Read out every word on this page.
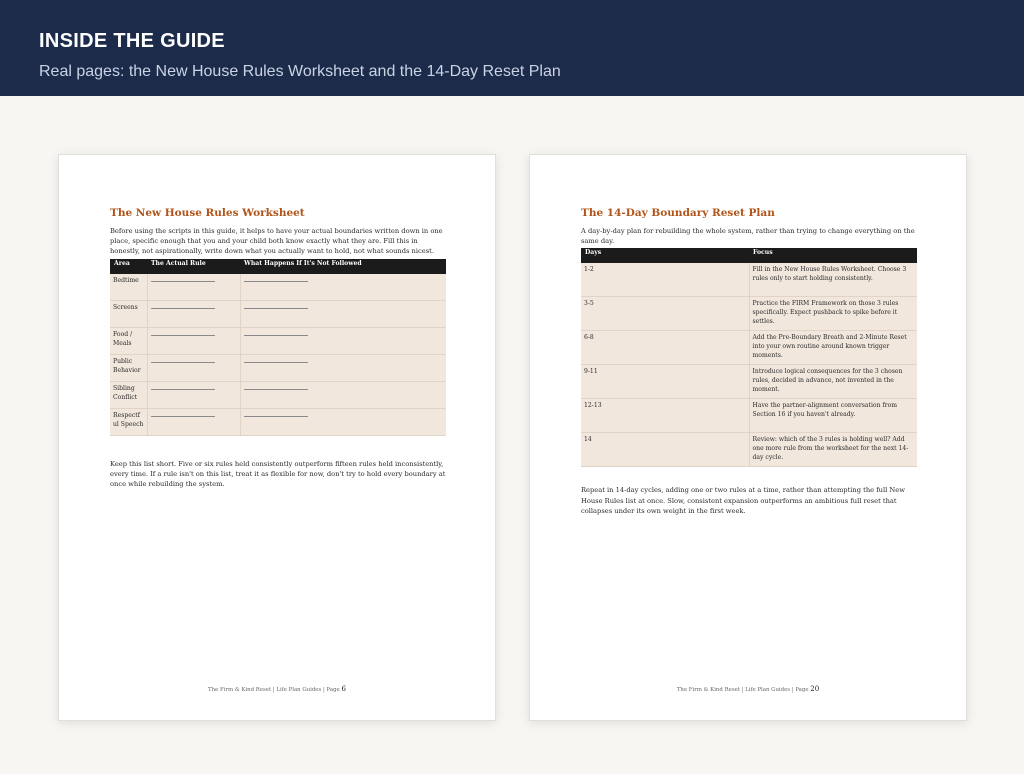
INSIDE THE GUIDE
Real pages: the New House Rules Worksheet and the 14-Day Reset Plan
The New House Rules Worksheet

Before using the scripts in this guide, it helps to have your actual boundaries written down in one place, specific enough that you and your child both know exactly what they are. Fill this in honestly, not aspirationally, write down what you actually want to hold, not what sounds nicest.

Area	The Actual Rule	What Happens If It's Not Followed
Bedtime		
Screens		
Food / Meals		
Public Behavior		
Sibling Conflict		
Respectful Speech		

Keep this list short. Five or six rules held consistently outperform fifteen rules held inconsistently, every time. If a rule isn't on this list, treat it as flexible for now, don't try to hold every boundary at once while rebuilding the system.

The Firm & Kind Reset | Life Plan Guides | Page 6
The 14-Day Boundary Reset Plan

A day-by-day plan for rebuilding the whole system, rather than trying to change everything on the same day.

Days	Focus
1-2	Fill in the New House Rules Worksheet. Choose 3 rules only to start holding consistently.
3-5	Practice the FIRM Framework on those 3 rules specifically. Expect pushback to spike before it settles.
6-8	Add the Pre-Boundary Breath and 2-Minute Reset into your own routine around known trigger moments.
9-11	Introduce logical consequences for the 3 chosen rules, decided in advance, not invented in the moment.
12-13	Have the partner-alignment conversation from Section 16 if you haven't already.
14	Review: which of the 3 rules is holding well? Add one more rule from the worksheet for the next 14-day cycle.

Repeat in 14-day cycles, adding one or two rules at a time, rather than attempting the full New House Rules list at once. Slow, consistent expansion outperforms an ambitious full reset that collapses under its own weight in the first week.

The Firm & Kind Reset | Life Plan Guides | Page 20
